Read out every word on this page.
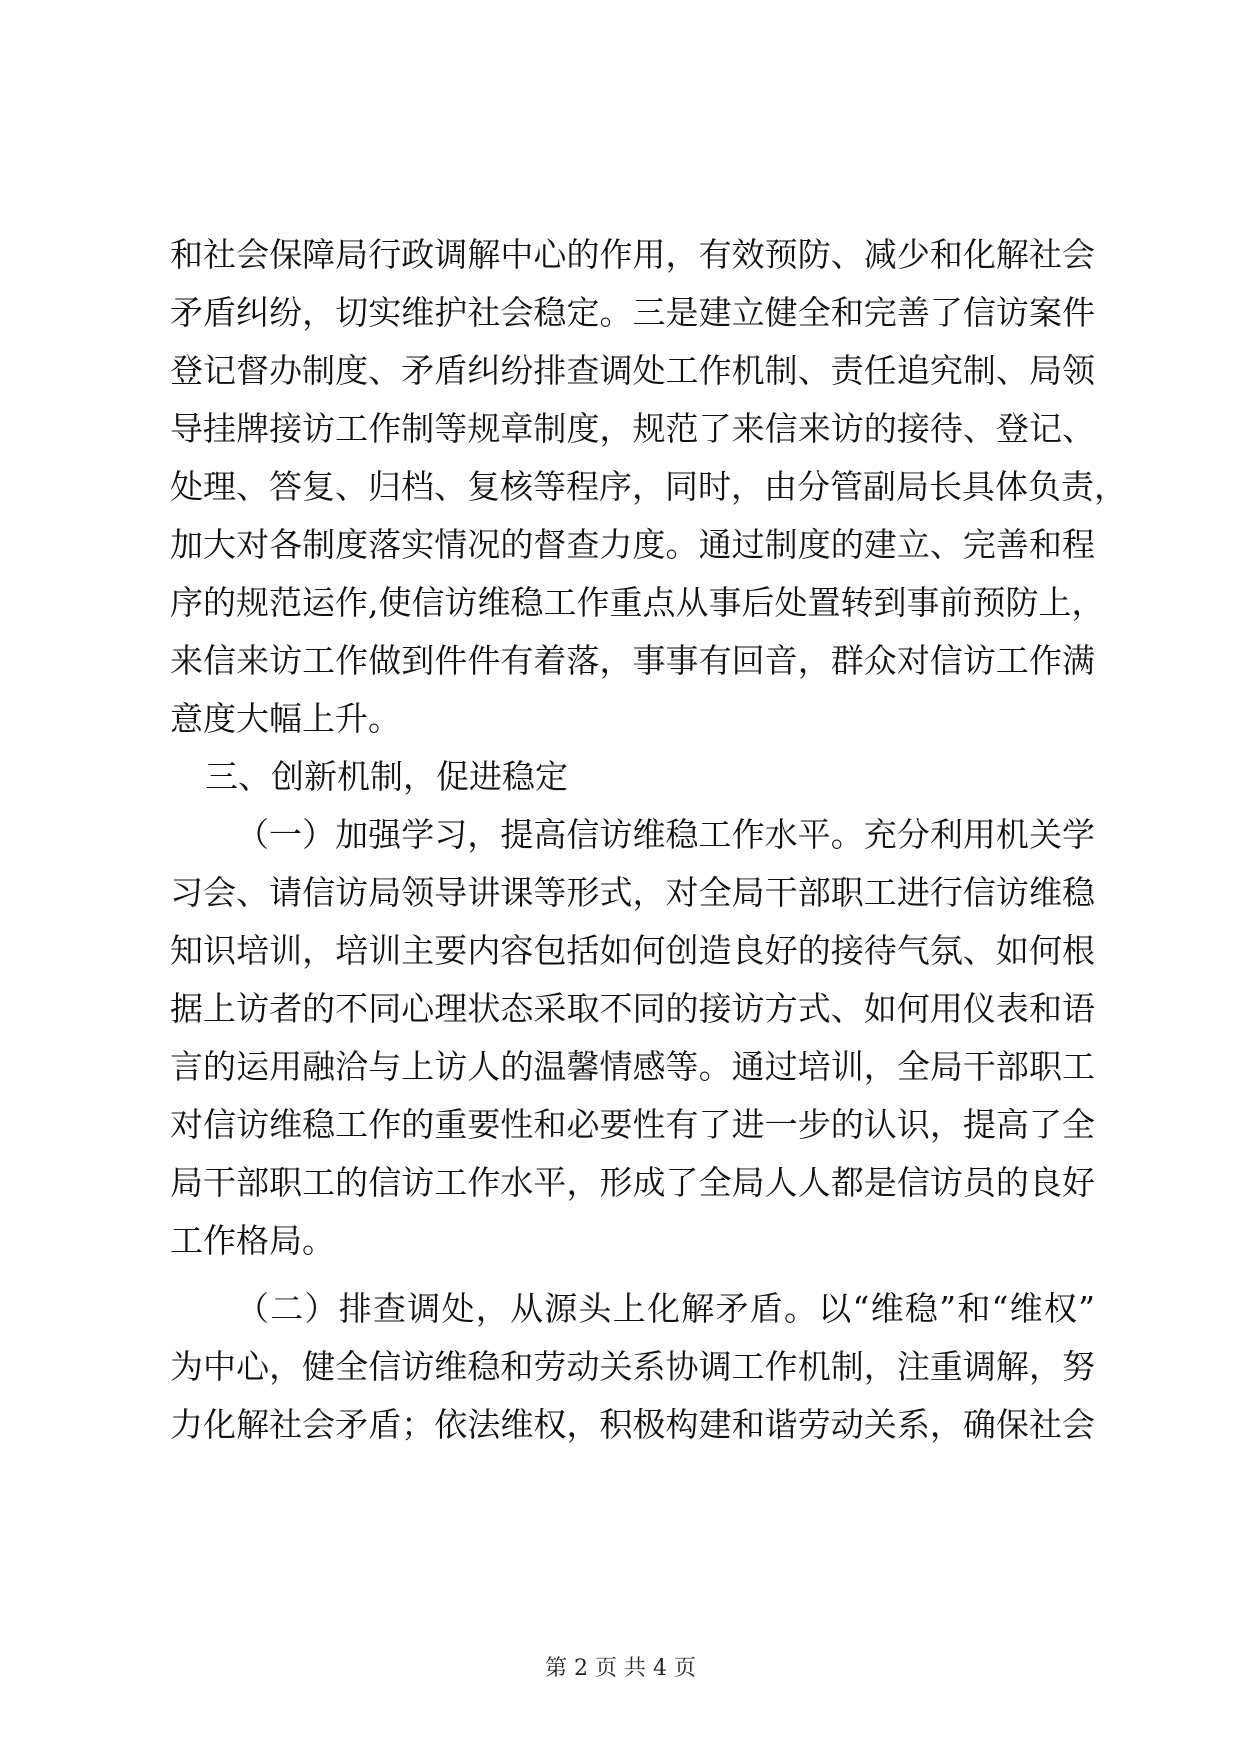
和社会保障局行政调解中心的作用，有效预防、减少和化解社会
矛盾纠纷，切实维护社会稳定。三是建立健全和完善了信访案件
登记督办制度、矛盾纠纷排查调处工作机制、责任追究制、局领
导挂牌接访工作制等规章制度，规范了来信来访的接待、登记、
处理、答复、归档、复核等程序，同时，由分管副局长具体负责，
加大对各制度落实情况的督查力度。通过制度的建立、完善和程
序的规范运作,使信访维稳工作重点从事后处置转到事前预防上，
来信来访工作做到件件有着落，事事有回音，群众对信访工作满
意度大幅上升。
三、创新机制，促进稳定
（一）加强学习，提高信访维稳工作水平。充分利用机关学
习会、请信访局领导讲课等形式，对全局干部职工进行信访维稳
知识培训，培训主要内容包括如何创造良好的接待气氛、如何根
据上访者的不同心理状态采取不同的接访方式、如何用仪表和语
言的运用融洽与上访人的温馨情感等。通过培训，全局干部职工
对信访维稳工作的重要性和必要性有了进一步的认识，提高了全
局干部职工的信访工作水平，形成了全局人人都是信访员的良好
工作格局。
（二）排查调处，从源头上化解矛盾。以“维稳”和“维权”
为中心，健全信访维稳和劳动关系协调工作机制，注重调解，努
力化解社会矛盾；依法维权，积极构建和谐劳动关系，确保社会
第 2 页 共 4 页
